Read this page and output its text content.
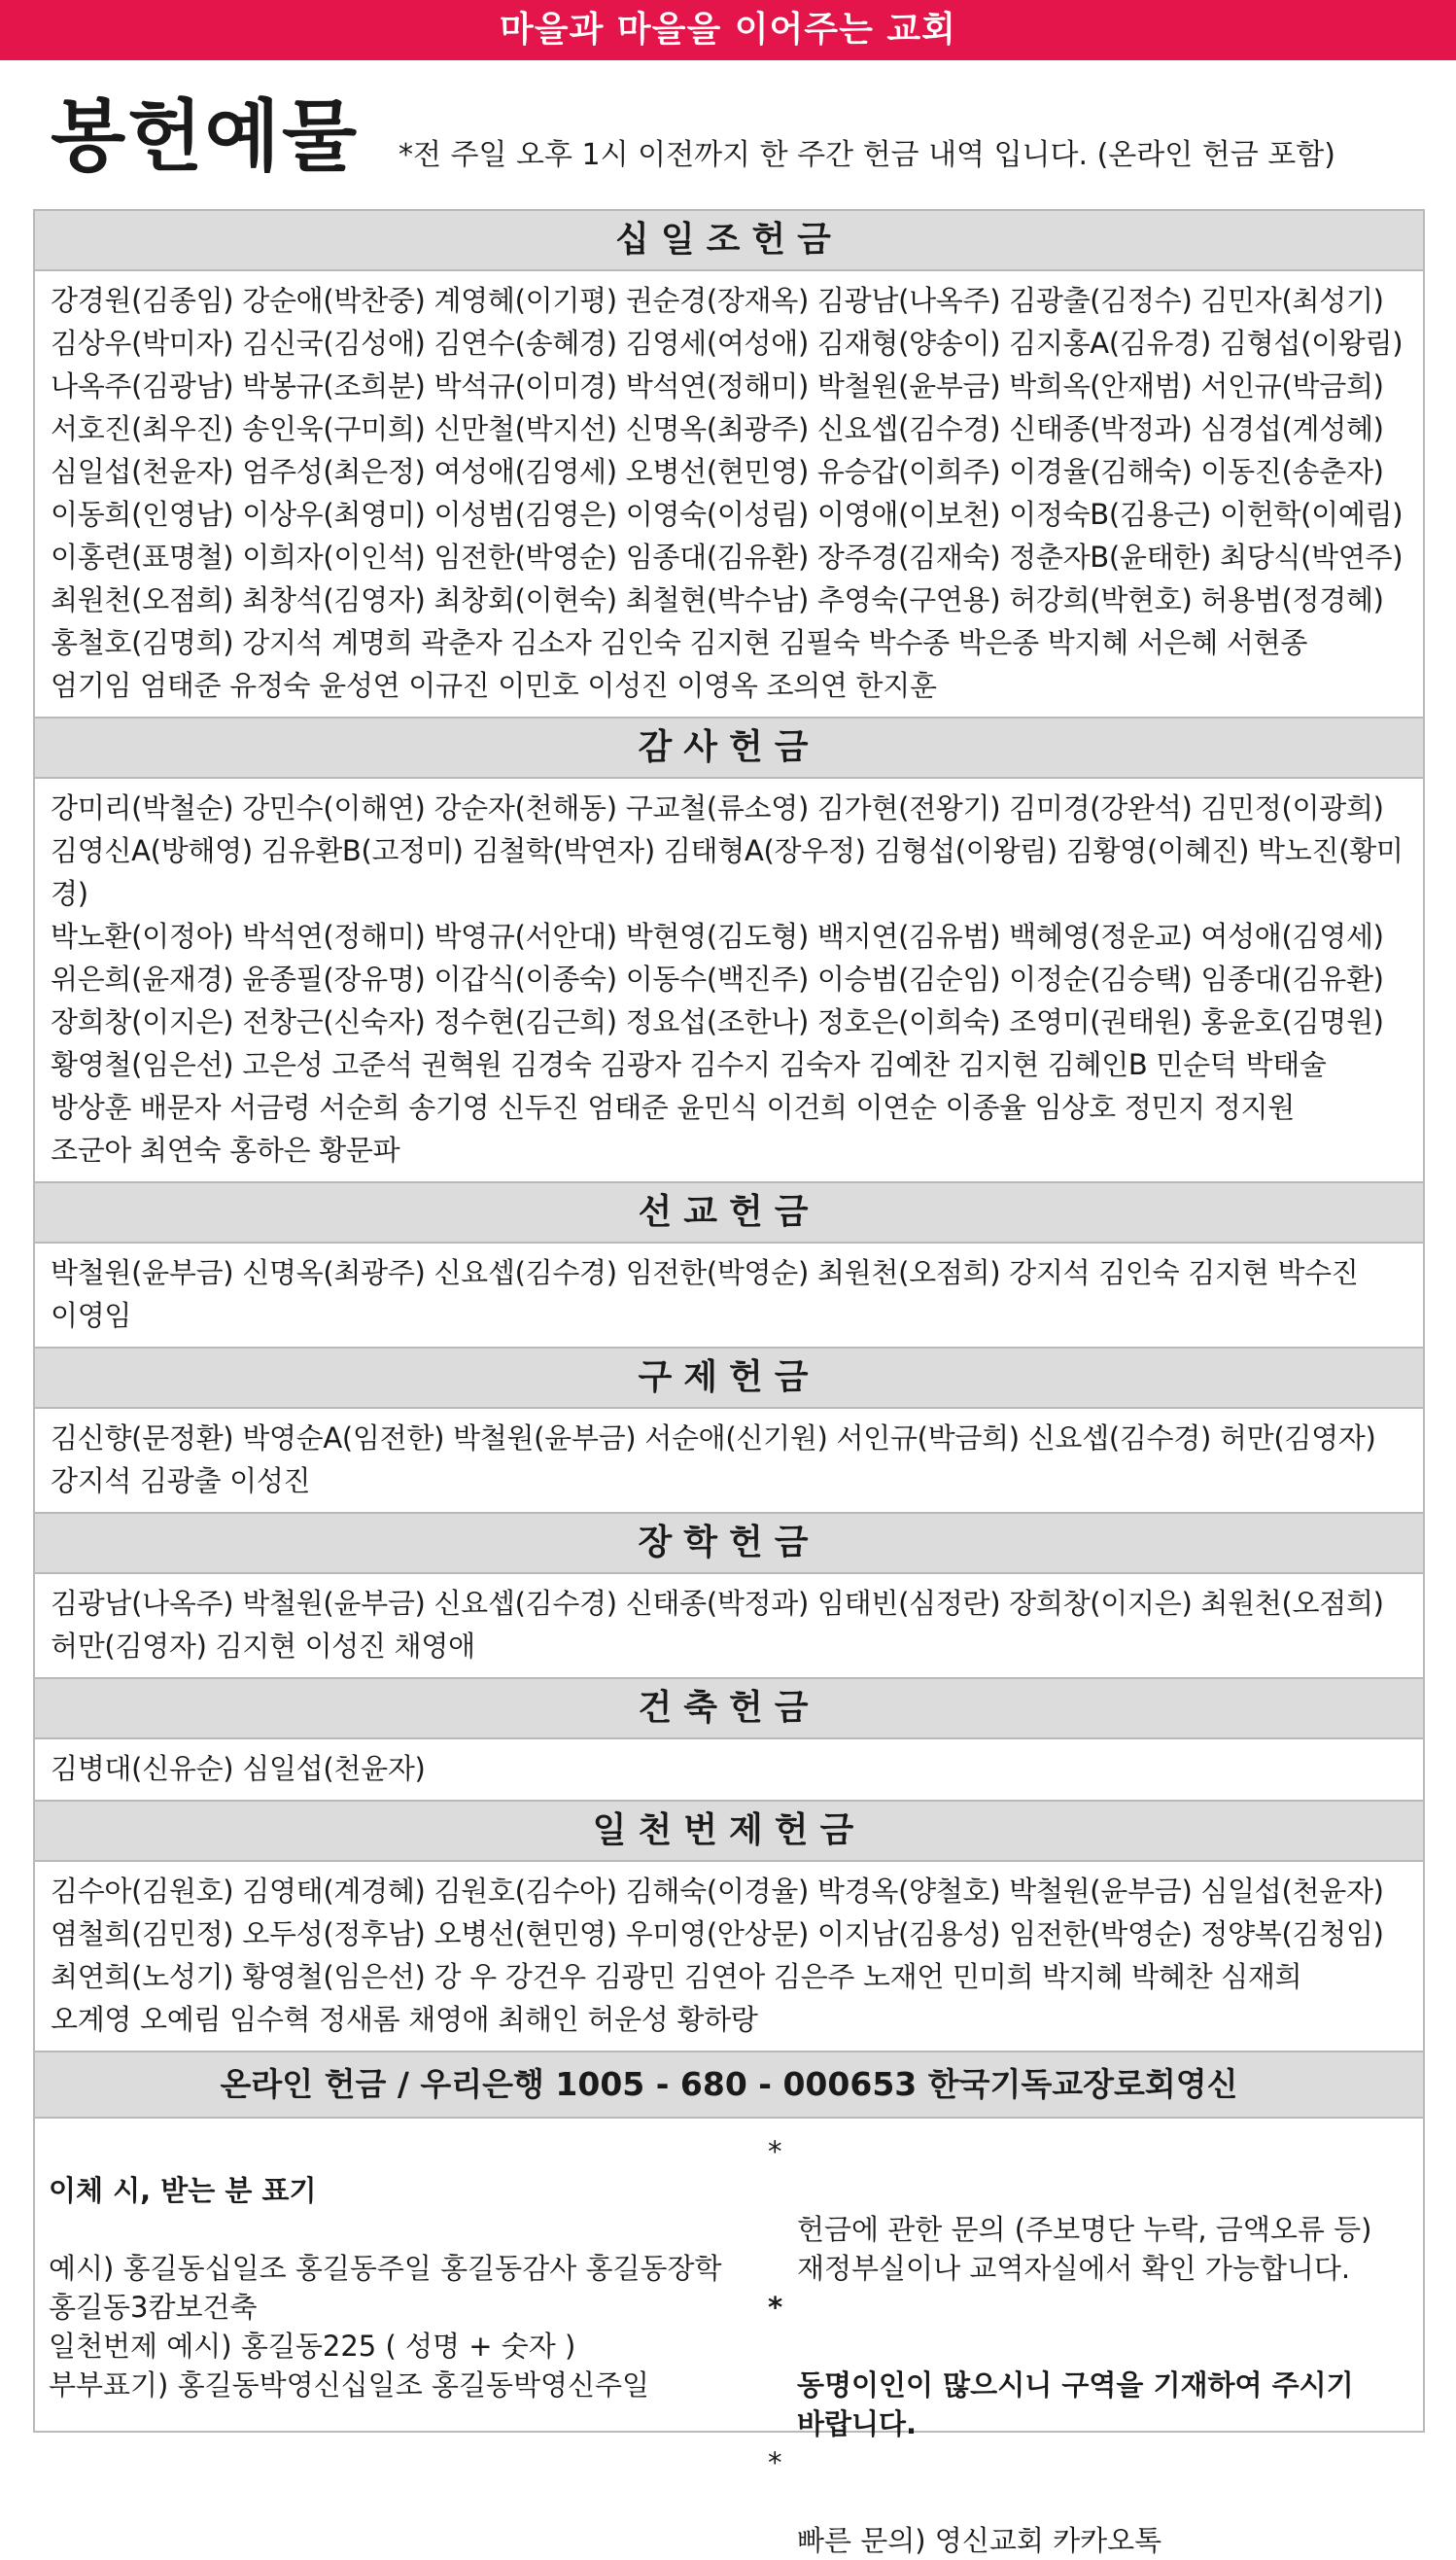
마을과 마을을 이어주는 교회
봉헌예물 *전 주일 오후 1시 이전까지 한 주간 헌금 내역 입니다. (온라인 헌금 포함)
십일조헌금
강경원(김종임) 강순애(박찬중) 계영혜(이기평) 권순경(장재옥) 김광남(나옥주) 김광출(김정수) 김민자(최성기)
김상우(박미자) 김신국(김성애) 김연수(송혜경) 김영세(여성애) 김재형(양송이) 김지홍A(김유경) 김형섭(이왕림)
나옥주(김광남) 박봉규(조희분) 박석규(이미경) 박석연(정해미) 박철원(윤부금) 박희옥(안재범) 서인규(박금희)
서호진(최우진) 송인욱(구미희) 신만철(박지선) 신명옥(최광주) 신요셉(김수경) 신태종(박정과) 심경섭(계성혜)
심일섭(천윤자) 엄주성(최은정) 여성애(김영세) 오병선(현민영) 유승갑(이희주) 이경율(김해숙) 이동진(송춘자)
이동희(인영남) 이상우(최영미) 이성범(김영은) 이영숙(이성림) 이영애(이보천) 이정숙B(김용근) 이헌학(이예림)
이홍련(표명철) 이희자(이인석) 임전한(박영순) 임종대(김유환) 장주경(김재숙) 정춘자B(윤태한) 최당식(박연주)
최원천(오점희) 최창석(김영자) 최창회(이현숙) 최철현(박수남) 추영숙(구연용) 허강희(박현호) 허용범(정경혜)
홍철호(김명희) 강지석 계명희 곽춘자 김소자 김인숙 김지현 김필숙 박수종 박은종 박지혜 서은혜 서현종
엄기임 엄태준 유정숙 윤성연 이규진 이민호 이성진 이영옥 조의연 한지훈
감사헌금
강미리(박철순) 강민수(이해연) 강순자(천해동) 구교철(류소영) 김가현(전왕기) 김미경(강완석) 김민정(이광희)
김영신A(방해영) 김유환B(고정미) 김철학(박연자) 김태형A(장우정) 김형섭(이왕림) 김황영(이혜진) 박노진(황미경)
박노환(이정아) 박석연(정해미) 박영규(서안대) 박현영(김도형) 백지연(김유범) 백혜영(정운교) 여성애(김영세)
위은희(윤재경) 윤종필(장유명) 이갑식(이종숙) 이동수(백진주) 이승범(김순임) 이정순(김승택) 임종대(김유환)
장희창(이지은) 전창근(신숙자) 정수현(김근희) 정요섭(조한나) 정호은(이희숙) 조영미(권태원) 홍윤호(김명원)
황영철(임은선) 고은성 고준석 권혁원 김경숙 김광자 김수지 김숙자 김예찬 김지현 김혜인B 민순덕 박태술
방상훈 배문자 서금령 서순희 송기영 신두진 엄태준 윤민식 이건희 이연순 이종율 임상호 정민지 정지원
조군아 최연숙 홍하은 황문파
선교헌금
박철원(윤부금) 신명옥(최광주) 신요셉(김수경) 임전한(박영순) 최원천(오점희) 강지석 김인숙 김지현 박수진
이영임
구제헌금
김신향(문정환) 박영순A(임전한) 박철원(윤부금) 서순애(신기원) 서인규(박금희) 신요셉(김수경) 허만(김영자)
강지석 김광출 이성진
장학헌금
김광남(나옥주) 박철원(윤부금) 신요셉(김수경) 신태종(박정과) 임태빈(심정란) 장희창(이지은) 최원천(오점희)
허만(김영자) 김지현 이성진 채영애
건축헌금
김병대(신유순) 심일섭(천윤자)
일천번제헌금
김수아(김원호) 김영태(계경혜) 김원호(김수아) 김해숙(이경율) 박경옥(양철호) 박철원(윤부금) 심일섭(천윤자)
염철희(김민정) 오두성(정후남) 오병선(현민영) 우미영(안상문) 이지남(김용성) 임전한(박영순) 정양복(김청임)
최연희(노성기) 황영철(임은선) 강 우 강건우 김광민 김연아 김은주 노재언 민미희 박지혜 박혜찬 심재희
오계영 오예림 임수혁 정새롬 채영애 최해인 허운성 황하랑
온라인 헌금 / 우리은행 1005 - 680 - 000653 한국기독교장로회영신

이체 시, 받는 분 표기

예시) 홍길동십일조 홍길동주일 홍길동감사 홍길동장학
홍길동3캄보건축
일천번제 예시) 홍길동225 ( 성명 + 숫자 )
부부표기) 홍길동박영신십일조 홍길동박영신주일

*

헌금에 관한 문의 (주보명단 누락, 금액오류 등)
재정부실이나 교역자실에서 확인 가능합니다.

*

동명이인이 많으시니 구역을 기재하여 주시기
바랍니다.

*

빠른 문의) 영신교회 카카오톡
